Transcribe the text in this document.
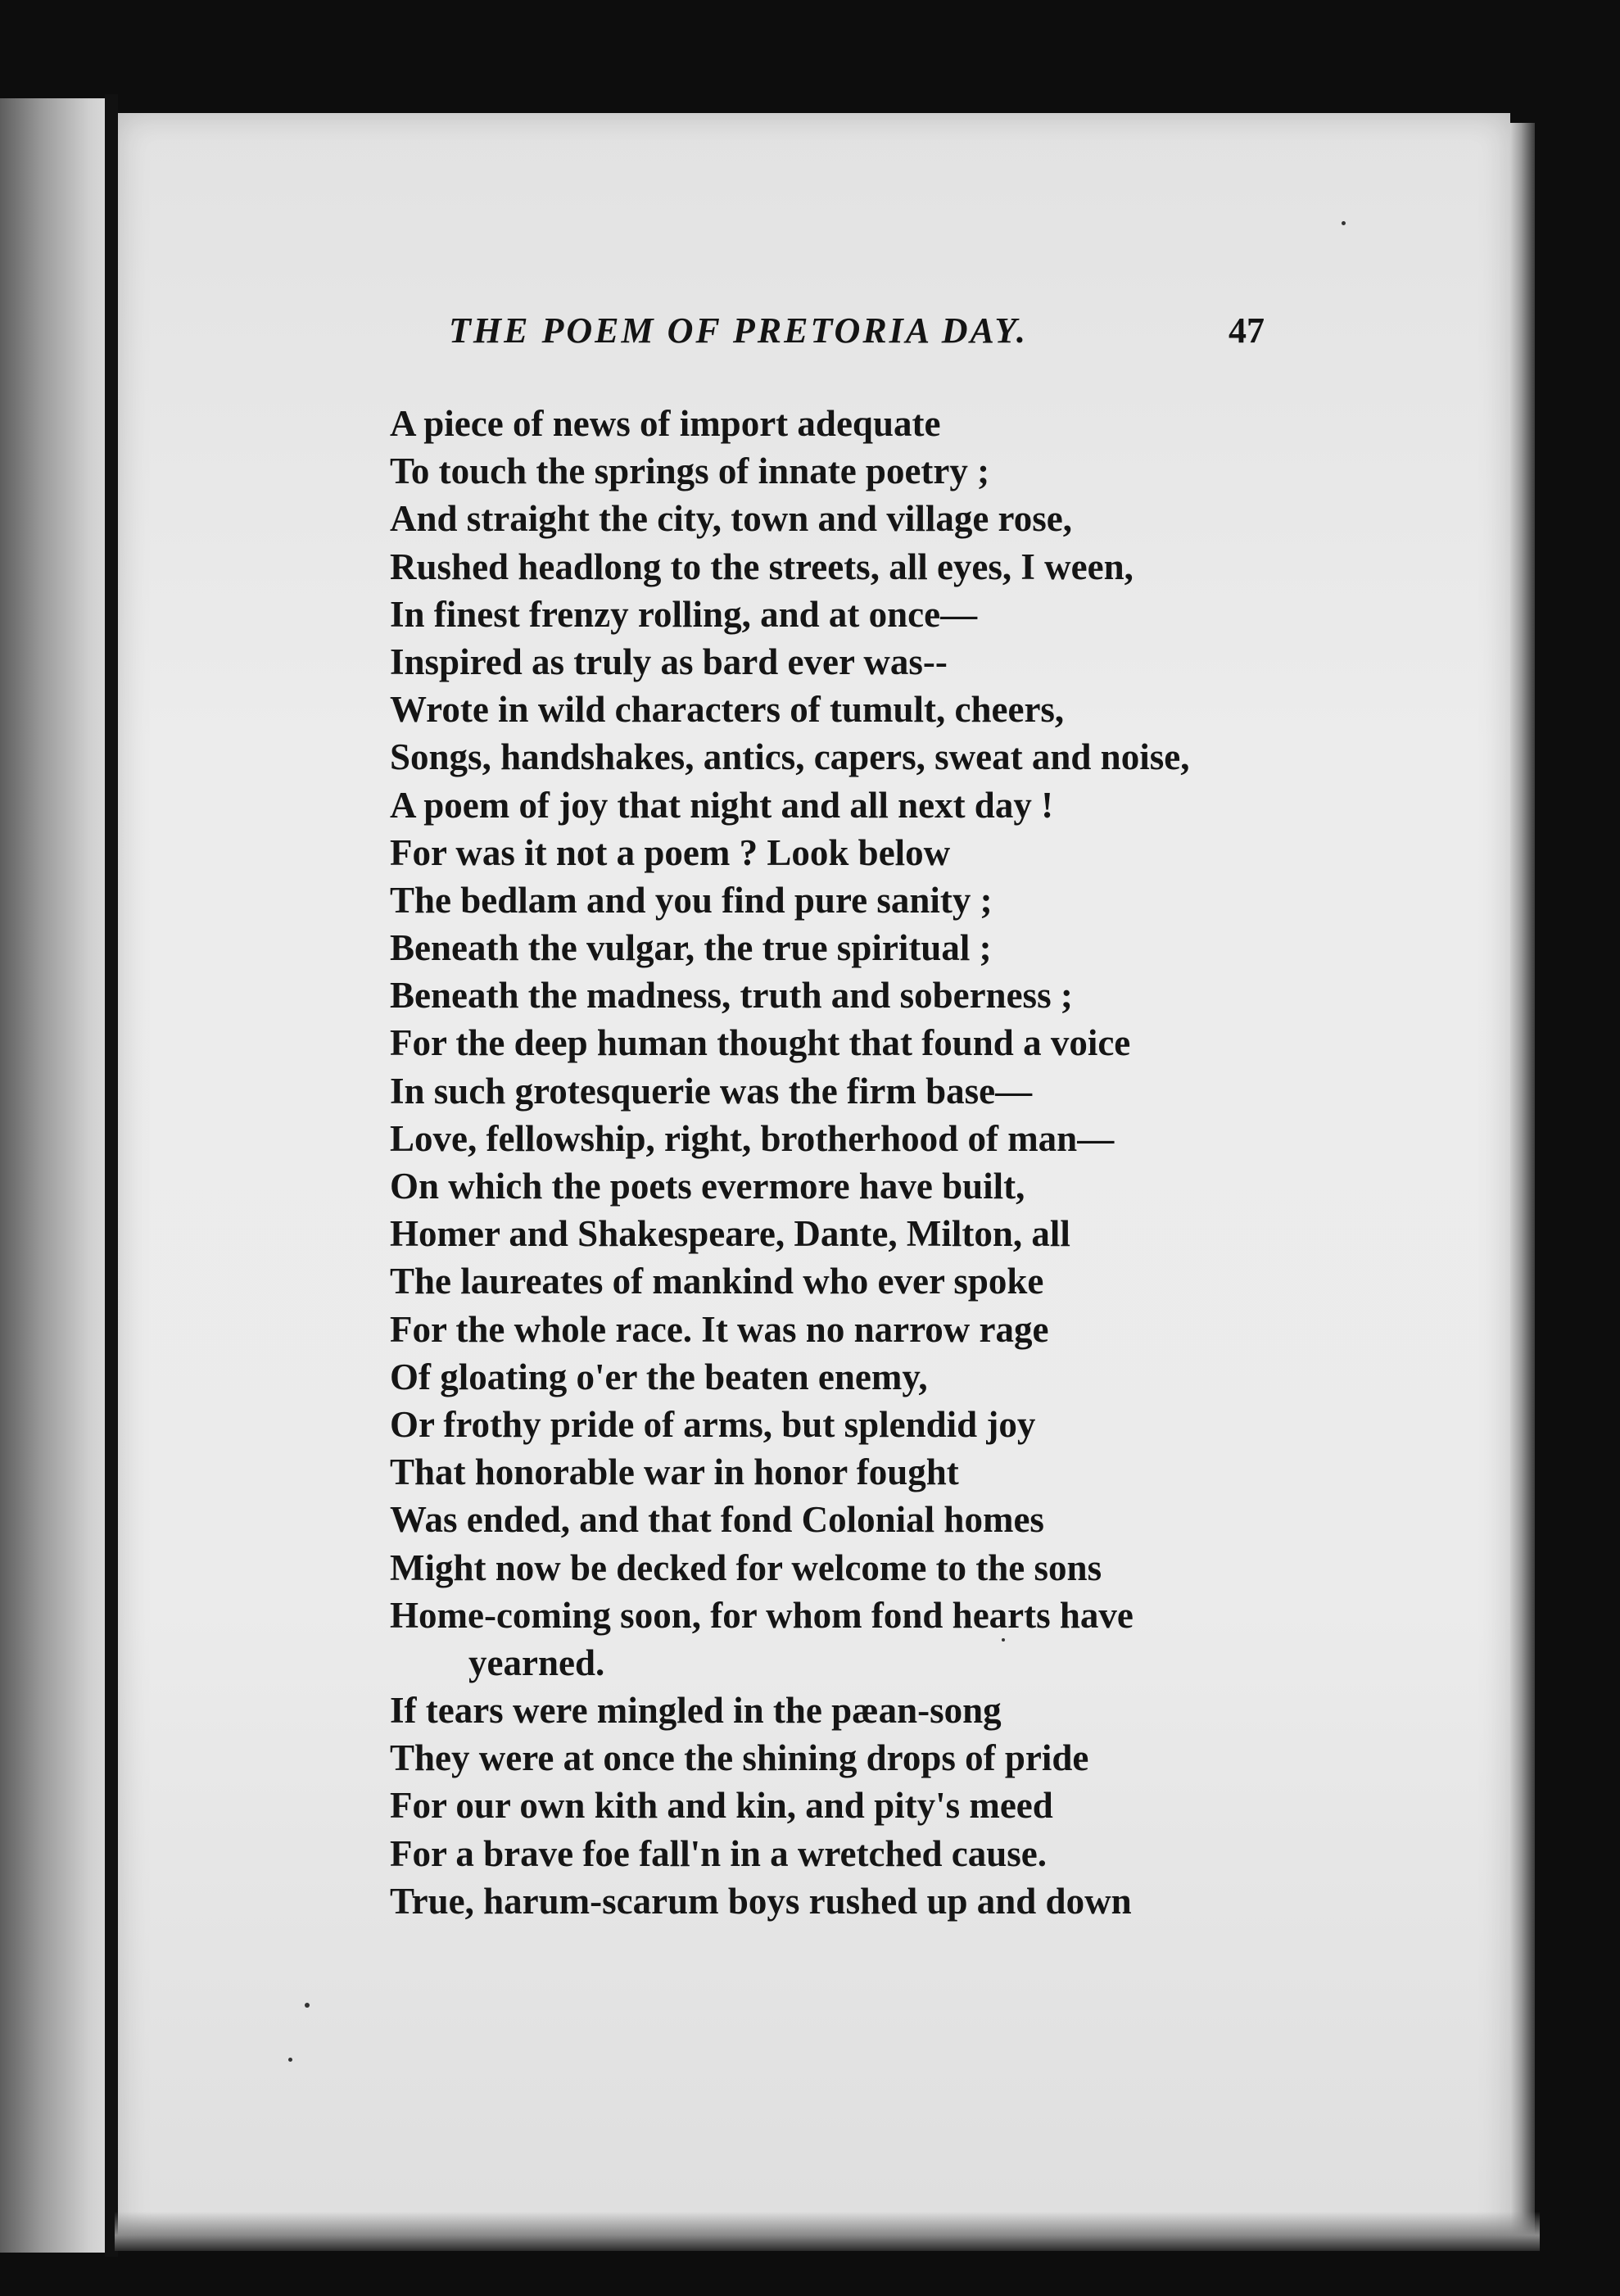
THE POEM OF PRETORIA DAY.	47
A piece of news of import adequate
To touch the springs of innate poetry ;
And straight the city, town and village rose,
Rushed headlong to the streets, all eyes, I ween,
In finest frenzy rolling, and at once—
Inspired as truly as bard ever was--
Wrote in wild characters of tumult, cheers,
Songs, handshakes, antics, capers, sweat and noise,
A poem of joy that night and all next day !
For was it not a poem ? Look below
The bedlam and you find pure sanity ;
Beneath the vulgar, the true spiritual ;
Beneath the madness, truth and soberness ;
For the deep human thought that found a voice
In such grotesquerie was the firm base—
Love, fellowship, right, brotherhood of man—
On which the poets evermore have built,
Homer and Shakespeare, Dante, Milton, all
The laureates of mankind who ever spoke
For the whole race. It was no narrow rage
Of gloating o'er the beaten enemy,
Or frothy pride of arms, but splendid joy
That honorable war in honor fought
Was ended, and that fond Colonial homes
Might now be decked for welcome to the sons
Home-coming soon, for whom fond hearts have
yearned.
If tears were mingled in the pæan-song
They were at once the shining drops of pride
For our own kith and kin, and pity's meed
For a brave foe fall'n in a wretched cause.
True, harum-scarum boys rushed up and down
